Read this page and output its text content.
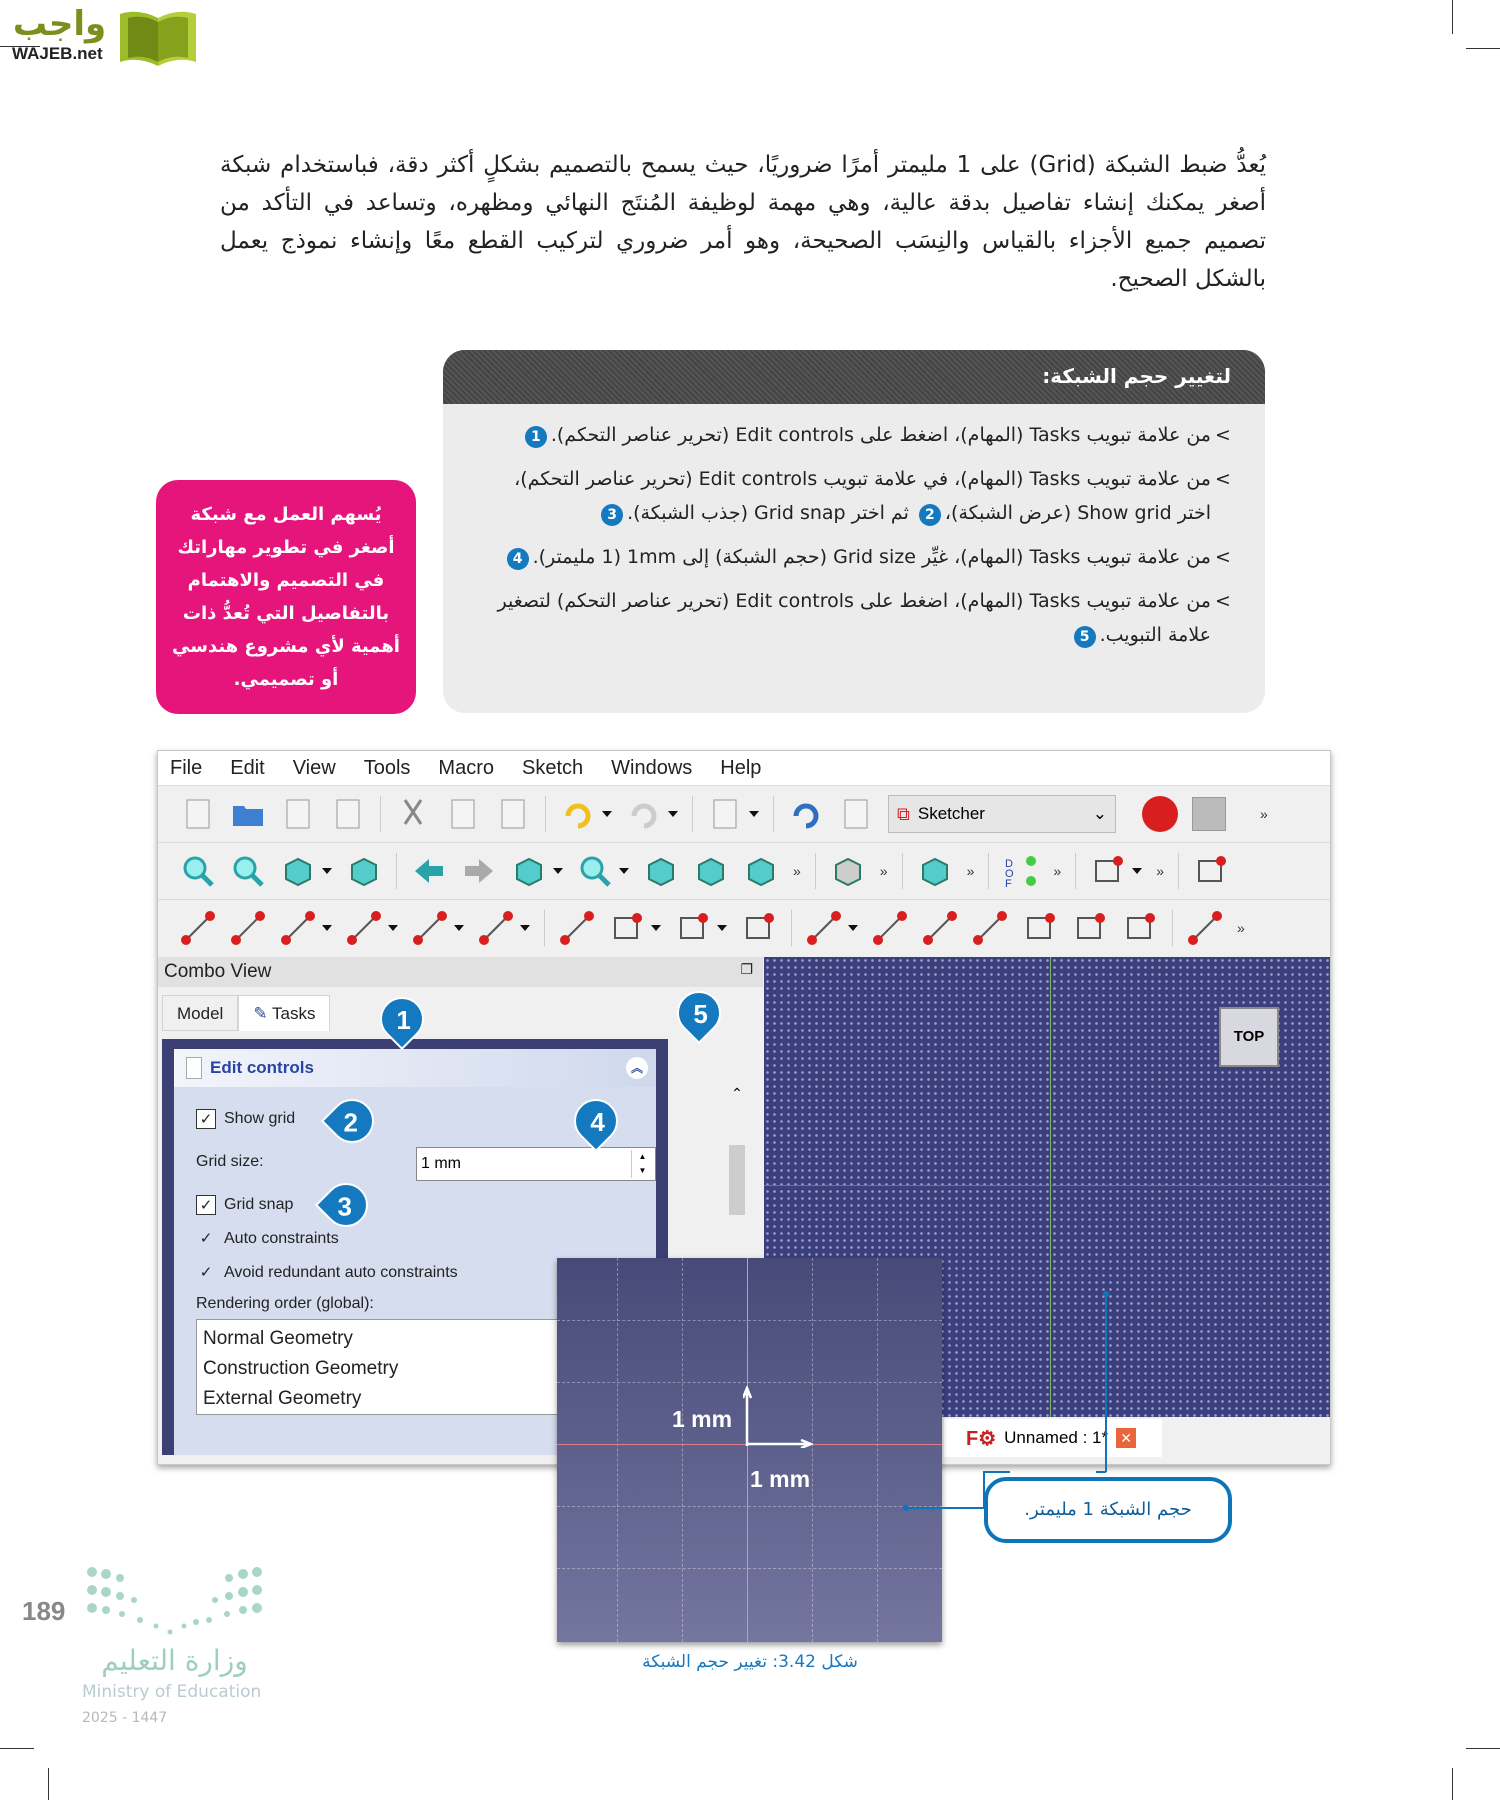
واجب
WAJEB.net

يُعدُّ ضبط الشبكة (Grid) على 1 مليمتر أمرًا ضروريًا، حيث يسمح بالتصميم بشكلٍ أكثر دقة، فباستخدام شبكة أصغر يمكنك إنشاء تفاصيل بدقة عالية، وهي مهمة لوظيفة المُنتَج النهائي ومظهره، وتساعد في التأكد من تصميم جميع الأجزاء بالقياس والنِسَب الصحيحة، وهو أمر ضروري لتركيب القطع معًا وإنشاء نموذج يعمل بالشكل الصحيح.

لتغيير حجم الشبكة:
< من علامة تبويب Tasks (المهام)، اضغط على Edit controls (تحرير عناصر التحكم).1
< من علامة تبويب Tasks (المهام)، في علامة تبويب Edit controls (تحرير عناصر التحكم)، اختر Show grid (عرض الشبكة)،2 ثم اختر Grid snap (جذب الشبكة).3
< من علامة تبويب Tasks (المهام)، غيِّر Grid size (حجم الشبكة) إلى 1mm (1 مليمتر).4
< من علامة تبويب Tasks (المهام)، اضغط على Edit controls (تحرير عناصر التحكم) لتصغير علامة التبويب.5
يُسهم العمل مع شبكة أصغر في تطوير مهاراتك في التصميم والاهتمام بالتفاصيل التي تُعدُّ ذات أهمية لأي مشروع هندسي أو تصميمي.
File Edit View Tools Macro Sketch Windows Help
⧉ Sketcher	⌄	»
»	»	»	D
O
F
»	»
»
Combo View	❐
Model	✎ Tasks
Edit controls	︽
✓ Show grid
Grid size:	1 mm	▲
▼
✓ Grid snap
✓ Auto constraints
✓ Avoid redundant auto constraints
Rendering order (global):
Normal Geometry
Construction Geometry
External Geometry
⌃
TOP
F⚙ Unnamed : 1* ✕
1
2
3
4
5
1 mm
1 mm
حجم الشبكة 1 مليمتر.
شكل 3.42: تغيير حجم الشبكة
وزارة التعليم
Ministry of Education
2025 - 1447
189
